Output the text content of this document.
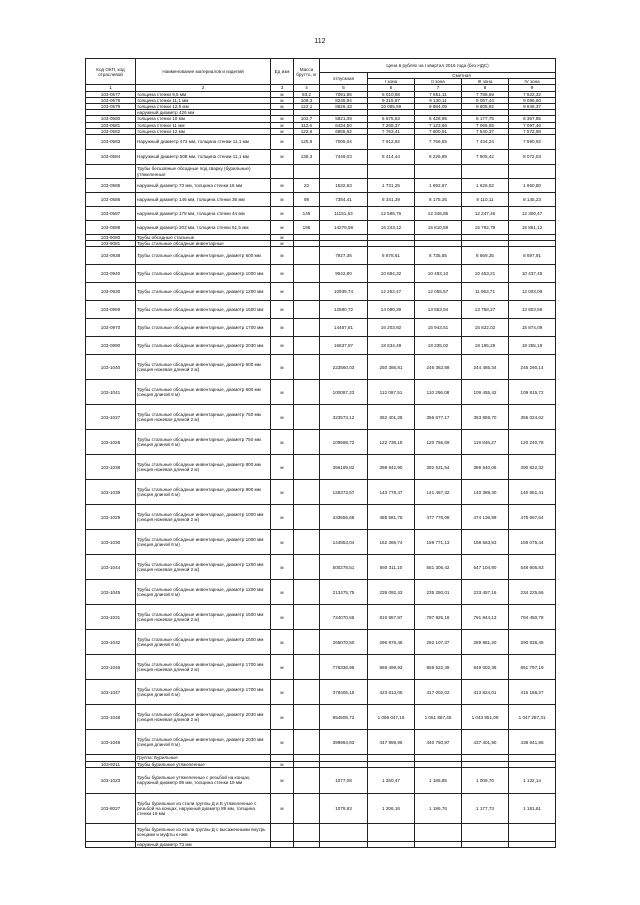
112
Код ОКП, код отраслевой	Наименование материалов и изделий	Ед изм	Масса брутто, кг	Цена в рублях на I квартал 2016 года (без НДС)				
				отпускная	Сметная			
					I зона	II зона	III зона	IV зона
1	2	3	4	5	6	7	8	9
103-0577	толщина стенки 9,5 мм	м	93,2	7091,86	8 010,68	7 851,11	7 788,59	7 822,32
103-0578	толщина стенки 11,1 мм	м	108,3	8245,94	9 315,87	9 130,11	9 057,44	9 096,60
103-0579	толщина стенки 12,6 мм	м	122,1	8926,43	10 085,59	9 884,09	9 805,92	9 848,37
	наружный диаметр 426 мм							
103-0580	толщина стенки 10 мм	м	102,7	5821,09	6 575,53	6 428,95	6 177,75	6 367,85
103-0581	толщина стенки 11 мм	м	112,6	6434,50	7 268,37	7 123,66	7 066,55	7 097,46
103-0582	толщина стенки 12 мм	м	122,6	6865,62	7 763,41	7 600,91	7 540,37	7 572,98
103-0583	Наружный диаметр 473 мм, толщина стенки 11,1 мм	м	125,9	7005,04	7 912,92	7 756,55	7 434,24	7 590,92
103-0584	Наружный диаметр 508 мм, толщина стенки 11,1 мм	м	138,3	7449,03	8 414,44	8 226,89	7 905,42	8 072,03
	Трубы бесшовные обсадные под сварку (бурильные) утяжеленные							
103-0585	наружный диаметр 73 мм, толщина стенки 16 мм	м	22	1532,63	1 731,25	1 692,67	1 626,52	1 660,80
103-0586	наружный диаметр 146 мм, толщина стенки 36 мм	м	98	7384,41	8 341,39	8 175,26	8 110,11	8 145,23
103-0587	наружный диаметр 178 мм, толщина стенки 44 мм	м	145	11151,53	12 596,76	12 346,85	12 247,46	12 300,47
103-0588	наружный диаметр 203 мм, толщина стенки 51,5 мм	м	195	14279,58	16 243,12	15 810,59	15 792,79	15 861,12
103-9080	Трубы обсадные стальные	м						
103-9081	Трубы стальные обсадные инвентарные	м						
103-0938	Трубы стальные обсадные инвентарные, диаметр 600 мм	м		7927,36	8 878,61	8 735,85	8 669,35	8 697,91
103-0940	Трубы стальные обсадные инвентарные, диаметр 1000 мм	м		9542,80	10 684,32	10 483,10	10 453,21	10 437,45
103-0930	Трубы стальные обсадные инвентарные, диаметр 1200 мм	м		10939,74	12 252,47	12 055,57	11 963,71	12 003,09
103-0969	Трубы стальные обсадные инвентарные, диаметр 1500 мм	м		12580,72	14 090,39	13 863,94	13 758,27	13 803,58
103-0970	Трубы стальные обсадные инвентарные, диаметр 1700 мм	м		14467,81	16 203,92	15 943,51	15 822,02	15 874,09
103-0990	Трубы стальные обсадные инвентарные, диаметр 2030 мм	м		16637,87	18 634,49	18 335,02	18 195,29	18 255,19
103-1040	Трубы стальные обсадные инвентарные, диаметр 600 мм (секция ножевая длиной 2 м)	м		223560,03	250 386,81	246 362,88	244 485,34	245 290,14
103-1041	Трубы стальные обсадные инвентарные, диаметр 600 мм (секция длиной 6 м)	м		100087,23	112 097,51	110 296,08	109 455,42	109 815,72
103-1027	Трубы стальные обсадные инвентарные, диаметр 750 мм (секция ножевая длиной 2 м)	м		323573,12	362 401,28	356 577,17	353 859,70	355 024,62
103-1028	Трубы стальные обсадные инвентарные, диаметр 750 мм (секция длиной 6 м)	м		109588,72	122 739,18	120 766,69	119 846,27	120 240,78
103-1038	Трубы стальные обсадные инвентарные, диаметр 800 мм (секция ножевая длиной 2 м)	м		356189,82	398 942,90	392 531,54	389 540,06	390 822,32
103-1039	Трубы стальные обсадные инвентарные, диаметр 800 мм (секция длиной 6 м)	м		128373,57	143 778,47	141 467,32	140 389,30	140 851,41
103-1029	Трубы стальные обсадные инвентарные, диаметр 1000 мм (секция ножевая длиной 2 м)	м		433555,68	485 581,78	477 778,08	474 136,99	475 697,64
103-1030	Трубы стальные обсадные инвентарные, диаметр 1000 мм (секция длиной 6 м)	м		144853,04	162 366,74	159 771,13	158 553,53	159 075,44
103-1044	Трубы стальные обсадные инвентарные, диаметр 1200 мм (секция ножевая длиной 2 м)	м		500278,51	560 311,10	551 306,42	547 104,90	548 905,83
103-1045	Трубы стальные обсадные инвентарные, диаметр 1200 мм (секция длиной 6 м)	м		213475,75	239 092,43	235 250,01	233 457,16	234 225,66
103-1031	Трубы стальные обсадные инвентарные, диаметр 1500 мм (секция ножевая длиной 2 м)	м		724070,56	810 957,97	797 925,18	791 844,13	794 450,78
103-1032	Трубы стальные обсадные инвентарные, диаметр 1500 мм (секция длиной 6 м)	м		265070,50	296 878,46	292 107,37	289 881,20	290 835,45
103-1046	Трубы стальные обсадные инвентарные, диаметр 1700 мм (секция ножевая длиной 2 м)	м		776336,96	869 499,93	855 522,39	849 002,38	851 797,19
103-1047	Трубы стальные обсадные инвентарные, диаметр 1700 мм (секция длиной 6 м)	м		378405,15	423 813,05	417 002,02	413 824,01	415 186,27
103-1048	Трубы стальные обсадные инвентарные, диаметр 2030 мм (секция ножевая длиной 2 м)	м		954508,72	1 069 047,16	1 051 867,45	1 043 851,09	1 047 287,31
103-1049	Трубы стальные обсадные инвентарные, диаметр 2030 мм (секция длиной 6 м)	м		399964,93	447 959,96	440 760,87	437 401,90	438 841,85
	Группа: Бурильные							
103-9211	Трубы бурильные утяжеленные	м						
103-1023	Трубы бурильные утяжеленные с резьбой на концах, наружный диаметр 89 мм, толщина стенки 19 мм	м		1077,08	1 260,47	1 185,85	1 009,70	1 132,14
103-8027	Трубы бурильные из стали группы Д и Е утяжеленные с резьбой на концах, наружный диаметр 89 мм, толщина стенки 19 мм	м		1078,93	1 206,16	1 186,76	1 177,73	1 181,61
	Трубы бурильные из стали группы Д с высаженными внутрь концами и муфты к ним							
	наружный диаметр 73 мм							
